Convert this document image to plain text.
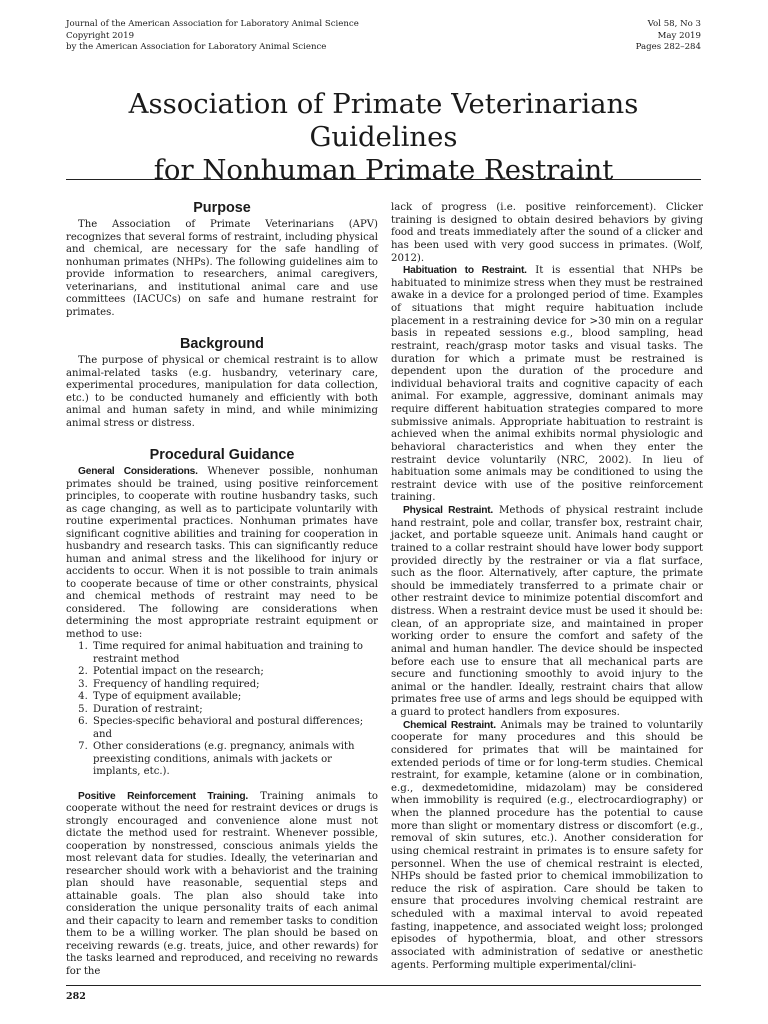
Journal of the American Association for Laboratory Animal Science
Copyright 2019
by the American Association for Laboratory Animal Science
Vol 58, No 3
May 2019
Pages 282–284
Association of Primate Veterinarians Guidelines
for Nonhuman Primate Restraint
Purpose

The Association of Primate Veterinarians (APV) recognizes that several forms of restraint, including physical and chemical, are necessary for the safe handling of nonhuman primates (NHPs). The following guidelines aim to provide information to researchers, animal caregivers, veterinarians, and institutional animal care and use committees (IACUCs) on safe and humane restraint for primates.

Background

The purpose of physical or chemical restraint is to allow animal-related tasks (e.g. husbandry, veterinary care, experimental procedures, manipulation for data collection, etc.) to be conducted humanely and efficiently with both animal and human safety in mind, and while minimizing animal stress or distress.

Procedural Guidance

General Considerations. Whenever possible, nonhuman primates should be trained, using positive reinforcement principles, to cooperate with routine husbandry tasks, such as cage changing, as well as to participate voluntarily with routine experimental practices. Nonhuman primates have significant cognitive abilities and training for cooperation in husbandry and research tasks. This can significantly reduce human and animal stress and the likelihood for injury or accidents to occur. When it is not possible to train animals to cooperate because of time or other constraints, physical and chemical methods of restraint may need to be considered. The following are considerations when determining the most appropriate restraint equipment or method to use:

1. Time required for animal habituation and training to restraint method
2. Potential impact on the research;
3. Frequency of handling required;
4. Type of equipment available;
5. Duration of restraint;
6. Species-specific behavioral and postural differences; and
7. Other considerations (e.g. pregnancy, animals with preexisting conditions, animals with jackets or implants, etc.).

Positive Reinforcement Training. Training animals to cooperate without the need for restraint devices or drugs is strongly encouraged and convenience alone must not dictate the method used for restraint. Whenever possible, cooperation by nonstressed, conscious animals yields the most relevant data for studies. Ideally, the veterinarian and researcher should work with a behaviorist and the training plan should have reasonable, sequential steps and attainable goals. The plan also should take into consideration the unique personality traits of each animal and their capacity to learn and remember tasks to condition them to be a willing worker. The plan should be based on receiving rewards (e.g. treats, juice, and other rewards) for the tasks learned and reproduced, and receiving no rewards for the

lack of progress (i.e. positive reinforcement). Clicker training is designed to obtain desired behaviors by giving food and treats immediately after the sound of a clicker and has been used with very good success in primates. (Wolf, 2012).

Habituation to Restraint. It is essential that NHPs be habituated to minimize stress when they must be restrained awake in a device for a prolonged period of time. Examples of situations that might require habituation include placement in a restraining device for >30 min on a regular basis in repeated sessions e.g., blood sampling, head restraint, reach/grasp motor tasks and visual tasks. The duration for which a primate must be restrained is dependent upon the duration of the procedure and individual behavioral traits and cognitive capacity of each animal. For example, aggressive, dominant animals may require different habituation strategies compared to more submissive animals. Appropriate habituation to restraint is achieved when the animal exhibits normal physiologic and behavioral characteristics and when they enter the restraint device voluntarily (NRC, 2002). In lieu of habituation some animals may be conditioned to using the restraint device with use of the positive reinforcement training.

Physical Restraint. Methods of physical restraint include hand restraint, pole and collar, transfer box, restraint chair, jacket, and portable squeeze unit. Animals hand caught or trained to a collar restraint should have lower body support provided directly by the restrainer or via a flat surface, such as the floor. Alternatively, after capture, the primate should be immediately transferred to a primate chair or other restraint device to minimize potential discomfort and distress. When a restraint device must be used it should be: clean, of an appropriate size, and maintained in proper working order to ensure the comfort and safety of the animal and human handler. The device should be inspected before each use to ensure that all mechanical parts are secure and functioning smoothly to avoid injury to the animal or the handler. Ideally, restraint chairs that allow primates free use of arms and legs should be equipped with a guard to protect handlers from exposures.

Chemical Restraint. Animals may be trained to voluntarily cooperate for many procedures and this should be considered for primates that will be maintained for extended periods of time or for long-term studies. Chemical restraint, for example, ketamine (alone or in combination, e.g., dexmedetomidine, midazolam) may be considered when immobility is required (e.g., electrocardiography) or when the planned procedure has the potential to cause more than slight or momentary distress or discomfort (e.g., removal of skin sutures, etc.). Another consideration for using chemical restraint in primates is to ensure safety for personnel. When the use of chemical restraint is elected, NHPs should be fasted prior to chemical immobilization to reduce the risk of aspiration. Care should be taken to ensure that procedures involving chemical restraint are scheduled with a maximal interval to avoid repeated fasting, inappetence, and associated weight loss; prolonged episodes of hypothermia, bloat, and other stressors associated with administration of sedative or anesthetic agents. Performing multiple experimental/clini-

282
